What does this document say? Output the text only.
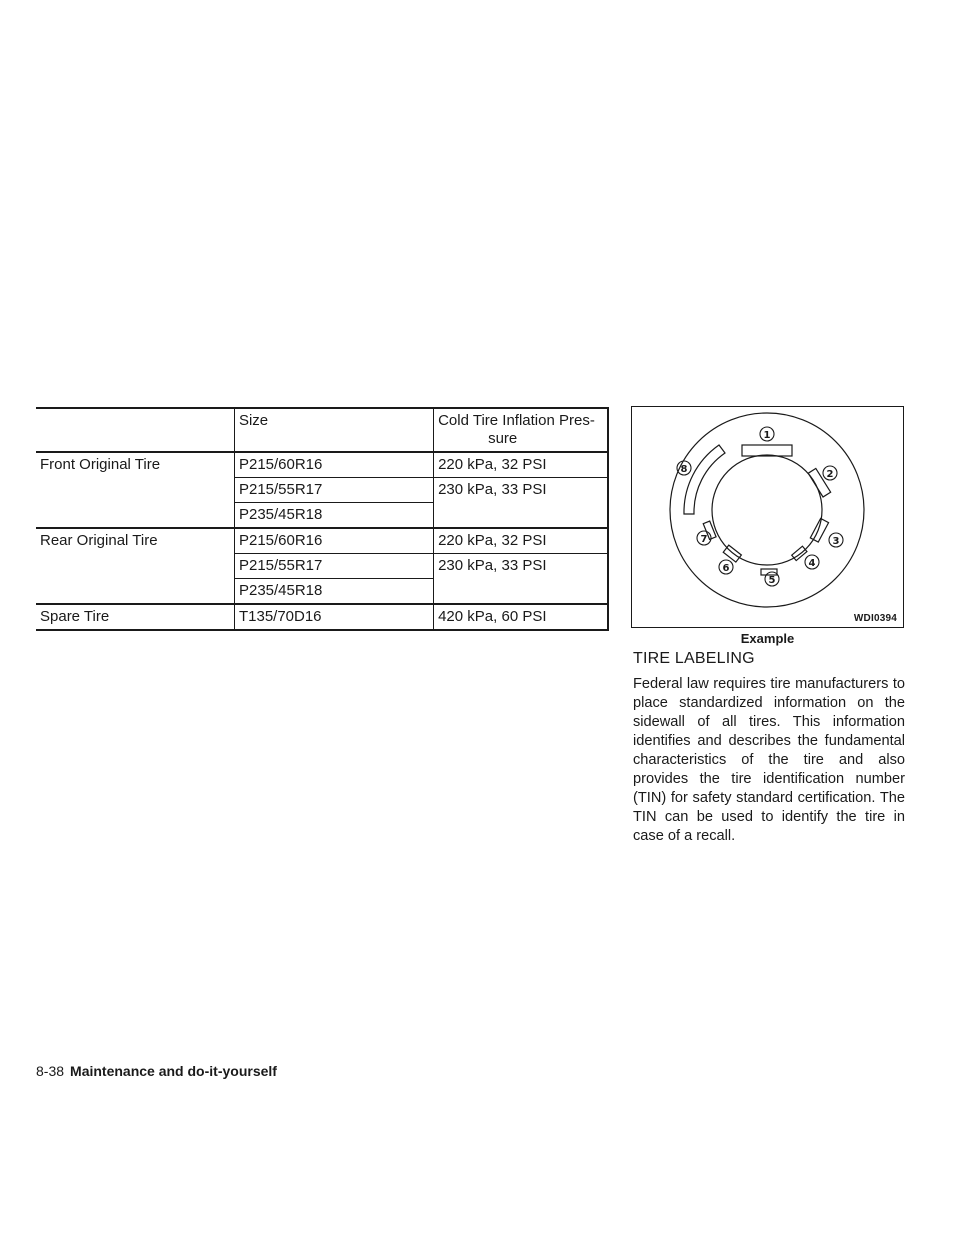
	Size	Cold Tire Inflation Pres-
sure

Front Original Tire	P215/60R16	220 kPa, 32 PSI
	P215/55R17	230 kPa, 33 PSI
	P235/45R18	
Rear Original Tire	P215/60R16	220 kPa, 32 PSI
	P215/55R17	230 kPa, 33 PSI
	P235/45R18	
Spare Tire	T135/70D16	420 kPa, 60 PSI
1
2
3
4
5
6
7
8
WDI0394
Example
TIRE LABELING

Federal law requires tire manufacturers to place standardized information on the sidewall of all tires. This information identifies and describes the fundamental characteristics of the tire and also provides the tire identification number (TIN) for safety standard certification. The TIN can be used to identify the tire in case of a recall.

8-38 Maintenance and do-it-yourself
